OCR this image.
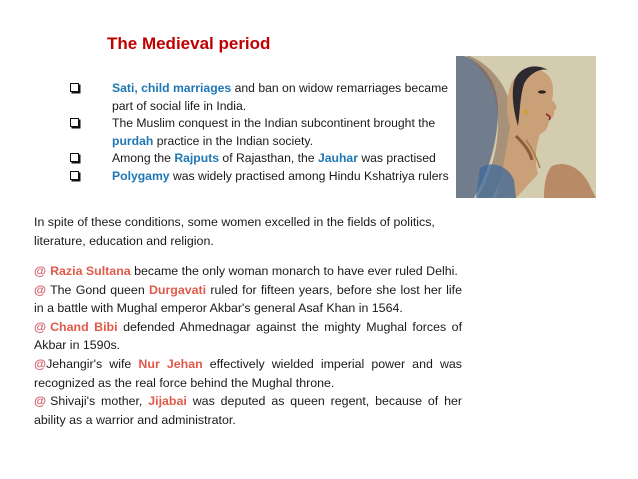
The Medieval period
Sati, child marriages and ban on widow remarriages became part of social life in India.
The Muslim conquest in the Indian subcontinent brought the purdah practice in the Indian society.
Among the Rajputs of Rajasthan, the Jauhar was practised
Polygamy was widely practised among Hindu Kshatriya rulers
In spite of these conditions, some women excelled in the fields of politics, literature, education and religion.

@ Razia Sultana became the only woman monarch to have ever ruled Delhi.

@ The Gond queen Durgavati ruled for fifteen years, before she lost her life in a battle with Mughal emperor Akbar's general Asaf Khan in 1564.

@ Chand Bibi defended Ahmednagar against the mighty Mughal forces of Akbar in 1590s.

@Jehangir's wife Nur Jehan effectively wielded imperial power and was recognized as the real force behind the Mughal throne.

@ Shivaji's mother, Jijabai was deputed as queen regent, because of her ability as a warrior and administrator.
